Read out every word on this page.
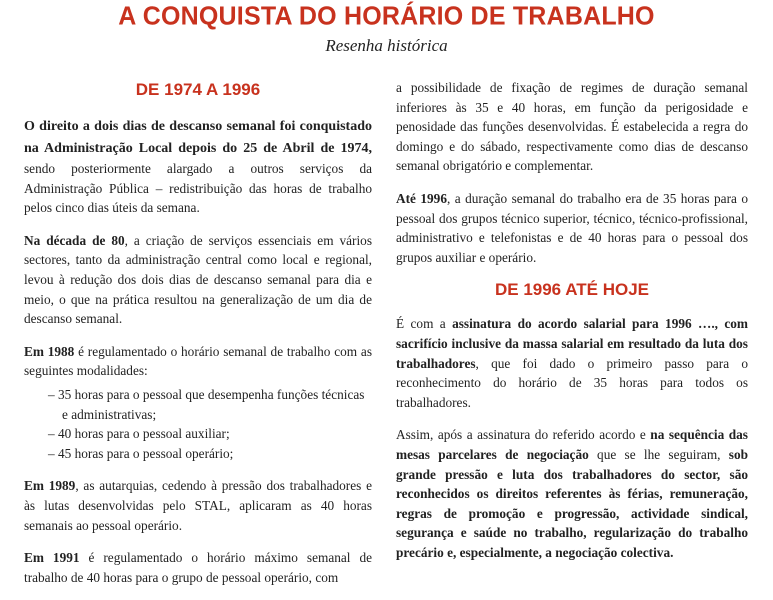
A CONQUISTA DO HORÁRIO DE TRABALHO
Resenha histórica
DE 1974 A 1996

O direito a dois dias de descanso semanal foi conquistado na Administração Local depois do 25 de Abril de 1974, sendo posteriormente alargado a outros serviços da Administração Pública – redistribuição das horas de trabalho pelos cinco dias úteis da semana.

Na década de 80, a criação de serviços essenciais em vários sectores, tanto da administração central como local e regional, levou à redução dos dois dias de descanso semanal para dia e meio, o que na prática resultou na generalização de um dia de descanso semanal.

Em 1988 é regulamentado o horário semanal de trabalho com as seguintes modalidades:

– 35 horas para o pessoal que desempenha funções técnicas e administrativas;
– 40 horas para o pessoal auxiliar;
– 45 horas para o pessoal operário;

Em 1989, as autarquias, cedendo à pressão dos trabalhadores e às lutas desenvolvidas pelo STAL, aplicaram as 40 horas semanais ao pessoal operário.

Em 1991 é regulamentado o horário máximo semanal de trabalho de 40 horas para o grupo de pessoal operário, com

a possibilidade de fixação de regimes de duração semanal inferiores às 35 e 40 horas, em função da perigosidade e penosidade das funções desenvolvidas. É estabelecida a regra do domingo e do sábado, respectivamente como dias de descanso semanal obrigatório e complementar.

Até 1996, a duração semanal do trabalho era de 35 horas para o pessoal dos grupos técnico superior, técnico, técnico-profissional, administrativo e telefonistas e de 40 horas para o pessoal dos grupos auxiliar e operário.

DE 1996 ATÉ HOJE

É com a assinatura do acordo salarial para 1996 …., com sacrifício inclusive da massa salarial em resultado da luta dos trabalhadores, que foi dado o primeiro passo para o reconhecimento do horário de 35 horas para todos os trabalhadores.

Assim, após a assinatura do referido acordo e na sequência das mesas parcelares de negociação que se lhe seguiram, sob grande pressão e luta dos trabalhadores do sector, são reconhecidos os direitos referentes às férias, remuneração, regras de promoção e progressão, actividade sindical, segurança e saúde no trabalho, regularização do trabalho precário e, especialmente, a negociação colectiva.
